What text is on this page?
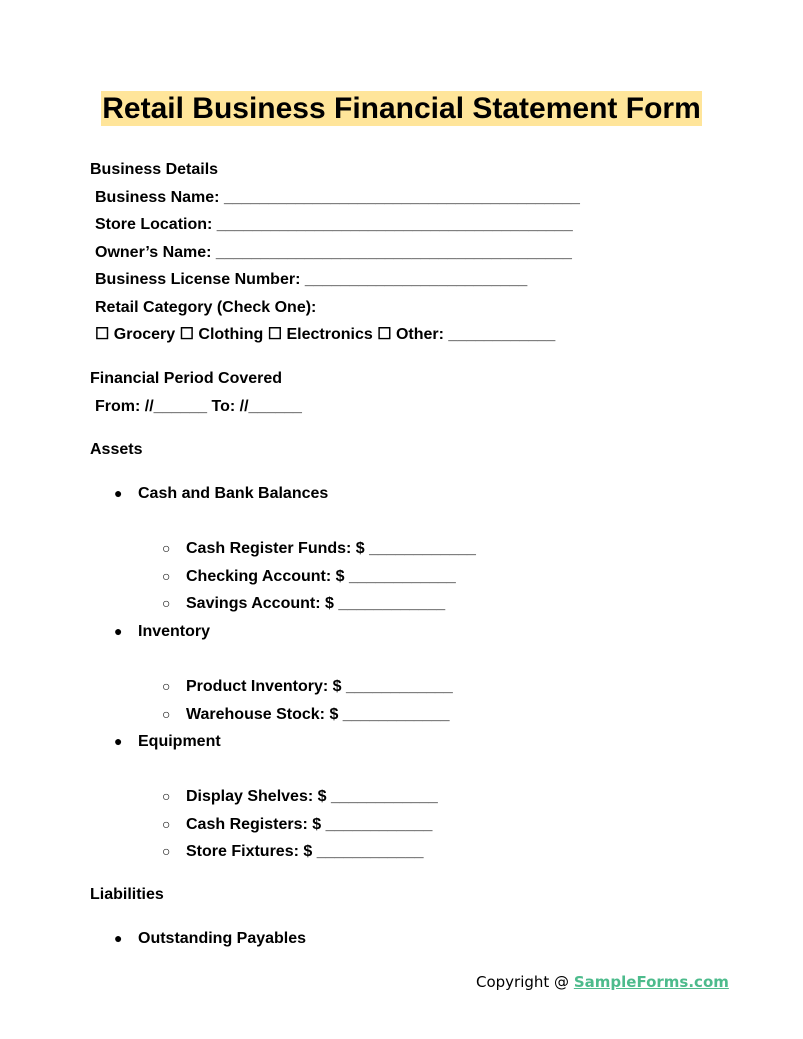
Retail Business Financial Statement Form
Business Details
Business Name: ________________________________________
Store Location: ________________________________________
Owner’s Name: ________________________________________
Business License Number: _________________________
Retail Category (Check One):
☐ Grocery ☐ Clothing ☐ Electronics ☐ Other: ____________
Financial Period Covered
From: //______ To: //______
Assets
● Cash and Bank Balances
○ Cash Register Funds: $ ____________
○ Checking Account: $ ____________
○ Savings Account: $ ____________
● Inventory
○ Product Inventory: $ ____________
○ Warehouse Stock: $ ____________
● Equipment
○ Display Shelves: $ ____________
○ Cash Registers: $ ____________
○ Store Fixtures: $ ____________
Liabilities
● Outstanding Payables
Copyright @ SampleForms.com
